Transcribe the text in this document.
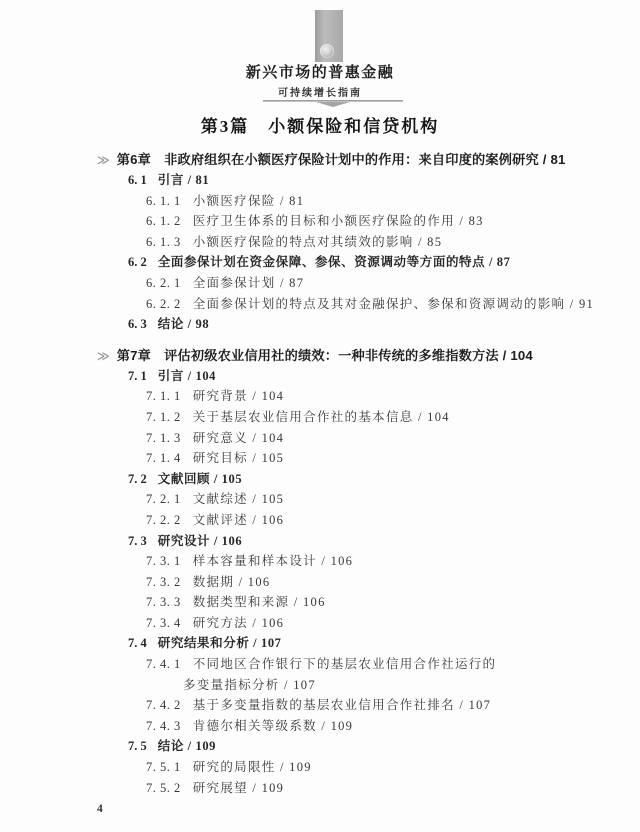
新兴市场的普惠金融
可持续增长指南
第3篇　小额保险和信贷机构
≫ 第6章 非政府组织在小额医疗保险计划中的作用：来自印度的案例研究 / 81
6. 1 引言 / 81
6. 1. 1 小额医疗保险 / 81
6. 1. 2 医疗卫生体系的目标和小额医疗保险的作用 / 83
6. 1. 3 小额医疗保险的特点对其绩效的影响 / 85
6. 2 全面参保计划在资金保障、参保、资源调动等方面的特点 / 87
6. 2. 1 全面参保计划 / 87
6. 2. 2 全面参保计划的特点及其对金融保护、参保和资源调动的影响 / 91
6. 3 结论 / 98
≫ 第7章 评估初级农业信用社的绩效：一种非传统的多维指数方法 / 104
7. 1 引言 / 104
7. 1. 1 研究背景 / 104
7. 1. 2 关于基层农业信用合作社的基本信息 / 104
7. 1. 3 研究意义 / 104
7. 1. 4 研究目标 / 105
7. 2 文献回顾 / 105
7. 2. 1 文献综述 / 105
7. 2. 2 文献评述 / 106
7. 3 研究设计 / 106
7. 3. 1 样本容量和样本设计 / 106
7. 3. 2 数据期 / 106
7. 3. 3 数据类型和来源 / 106
7. 3. 4 研究方法 / 106
7. 4 研究结果和分析 / 107
7. 4. 1 不同地区合作银行下的基层农业信用合作社运行的
多变量指标分析 / 107
7. 4. 2 基于多变量指数的基层农业信用合作社排名 / 107
7. 4. 3 肯德尔相关等级系数 / 109
7. 5 结论 / 109
7. 5. 1 研究的局限性 / 109
7. 5. 2 研究展望 / 109
4
